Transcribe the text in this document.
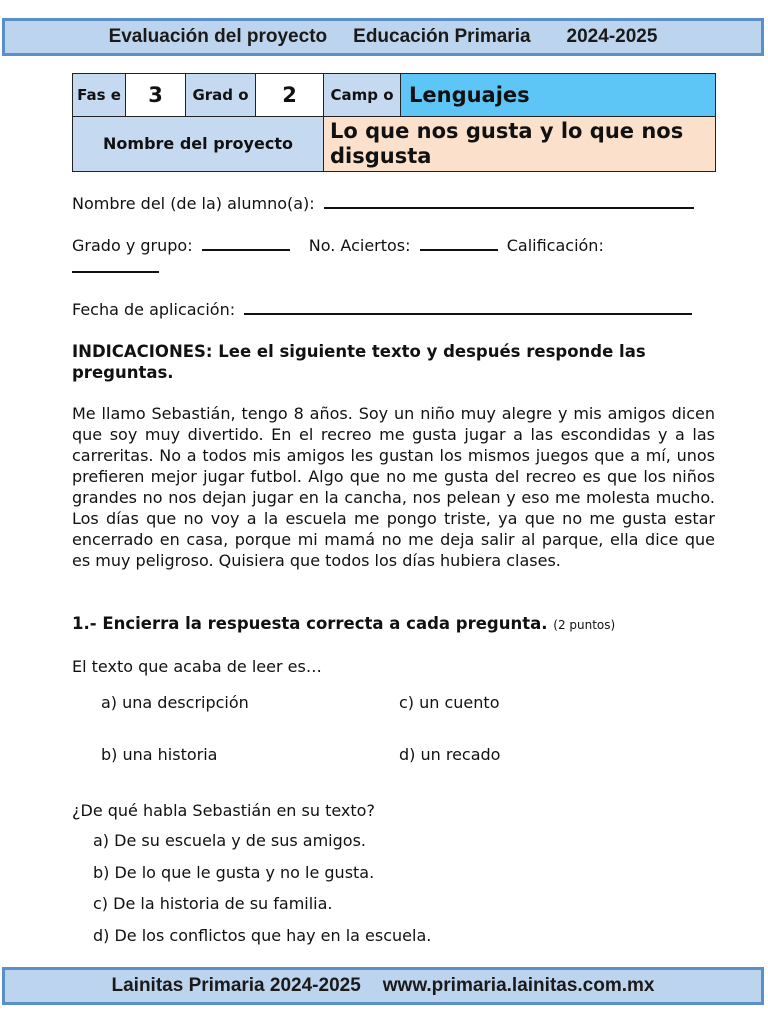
Evaluación del proyecto Educación Primaria 2024-2025
Fas e	3	Grad o	2	Camp o	Lenguajes
Nombre del proyecto				Lo que nos gusta y lo que nos disgusta	
Nombre del (de la) alumno(a):
Grado y grupo:	No. Aciertos:	Calificación:
Fecha de aplicación:
INDICACIONES: Lee el siguiente texto y después responde las preguntas.
Me llamo Sebastián, tengo 8 años. Soy un niño muy alegre y mis amigos dicen que soy muy divertido. En el recreo me gusta jugar a las escondidas y a las carreritas. No a todos mis amigos les gustan los mismos juegos que a mí, unos prefieren mejor jugar futbol. Algo que no me gusta del recreo es que los niños grandes no nos dejan jugar en la cancha, nos pelean y eso me molesta mucho. Los días que no voy a la escuela me pongo triste, ya que no me gusta estar encerrado en casa, porque mi mamá no me deja salir al parque, ella dice que es muy peligroso. Quisiera que todos los días hubiera clases.
1.- Encierra la respuesta correcta a cada pregunta. (2 puntos)
El texto que acaba de leer es…
a) una descripción	c) un cuento
b) una historia	d) un recado
¿De qué habla Sebastián en su texto?
a) De su escuela y de sus amigos.
b) De lo que le gusta y no le gusta.
c) De la historia de su familia.
d) De los conflictos que hay en la escuela.
Lainitas Primaria 2024-2025 www.primaria.lainitas.com.mx
